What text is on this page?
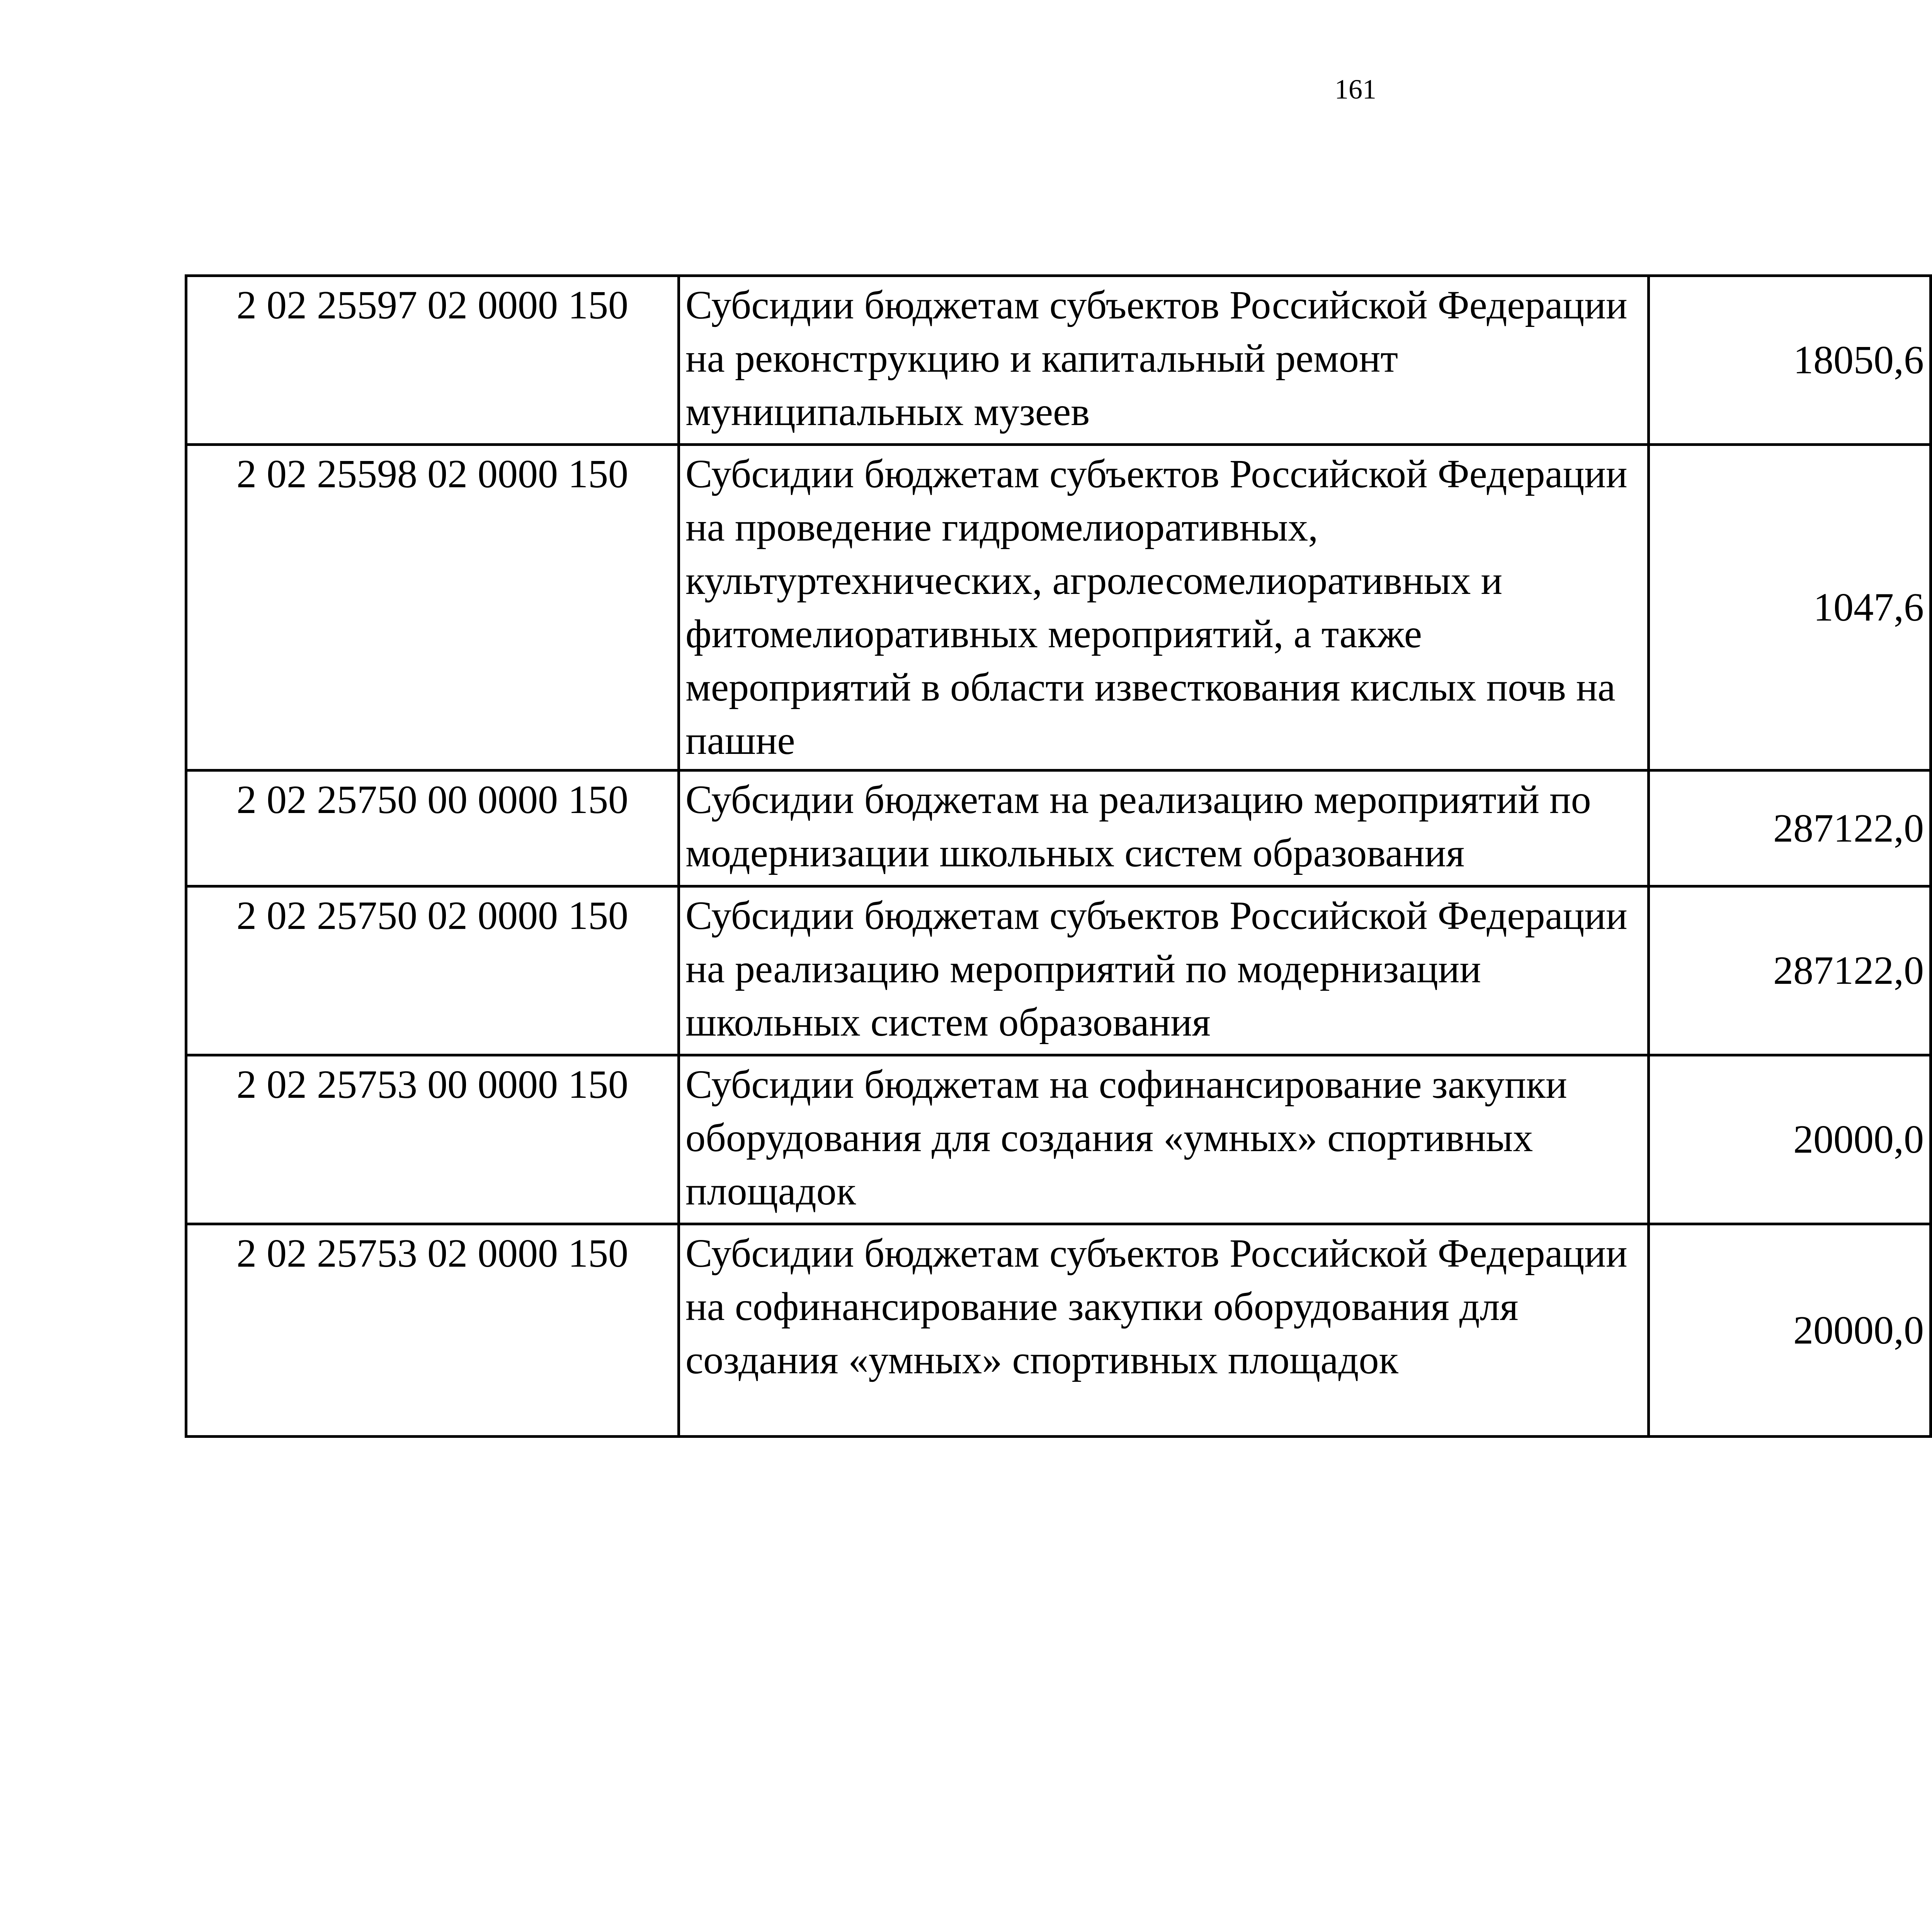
161
2 02 25597 02 0000 150	Субсидии бюджетам субъектов Российской Федерации на реконструкцию и капитальный ремонт муниципальных музеев	18050,6		
2 02 25598 02 0000 150	Субсидии бюджетам субъектов Российской Федерации на проведение гидромелиоративных, культуртехнических, агролесомелиоративных и фитомелиоративных мероприятий, а также мероприятий в области известкования кислых почв на пашне	1047,6		
2 02 25750 00 0000 150	Субсидии бюджетам на реализацию мероприятий по модернизации школьных систем образования	287122,0		
2 02 25750 02 0000 150	Субсидии бюджетам субъектов Российской Федерации на реализацию мероприятий по модернизации школьных систем образования	287122,0		
2 02 25753 00 0000 150	Субсидии бюджетам на софинансирование закупки оборудования для создания «умных» спортивных площадок	20000,0		
2 02 25753 02 0000 150	Субсидии бюджетам субъектов Российской Федерации на софинансирование закупки оборудования для создания «умных» спортивных площадок	20000,0		
